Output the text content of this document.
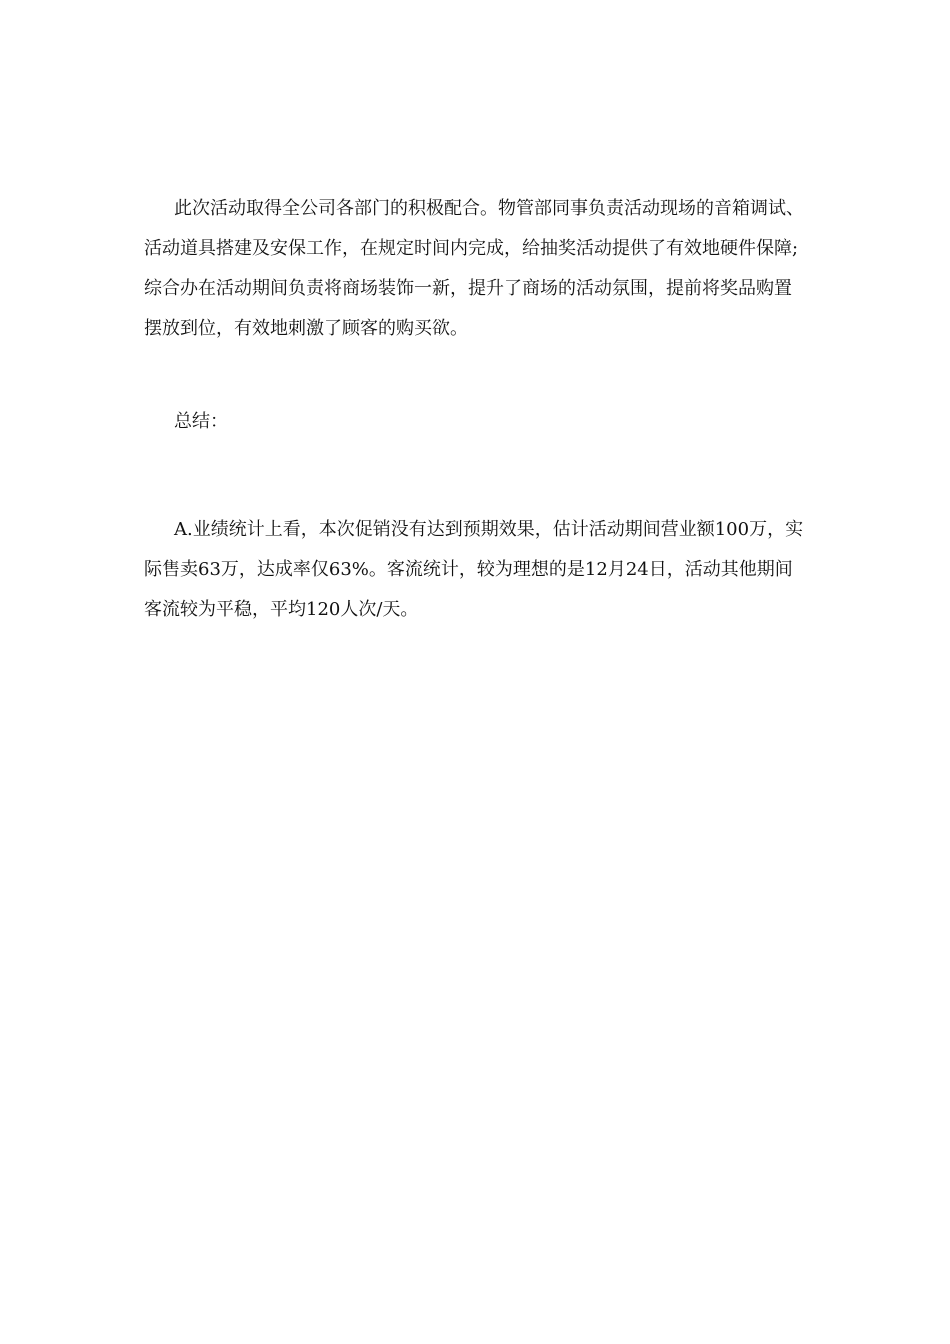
此次活动取得全公司各部门的积极配合。物管部同事负责活动现场的音箱调试、活动道具搭建及安保工作，在规定时间内完成，给抽奖活动提供了有效地硬件保障;综合办在活动期间负责将商场装饰一新，提升了商场的活动氛围，提前将奖品购置摆放到位，有效地刺激了顾客的购买欲。

总结：

A.业绩统计上看，本次促销没有达到预期效果，估计活动期间营业额100万，实际售卖63万，达成率仅63%。客流统计，较为理想的是12月24日，活动其他期间客流较为平稳，平均120人次/天。
